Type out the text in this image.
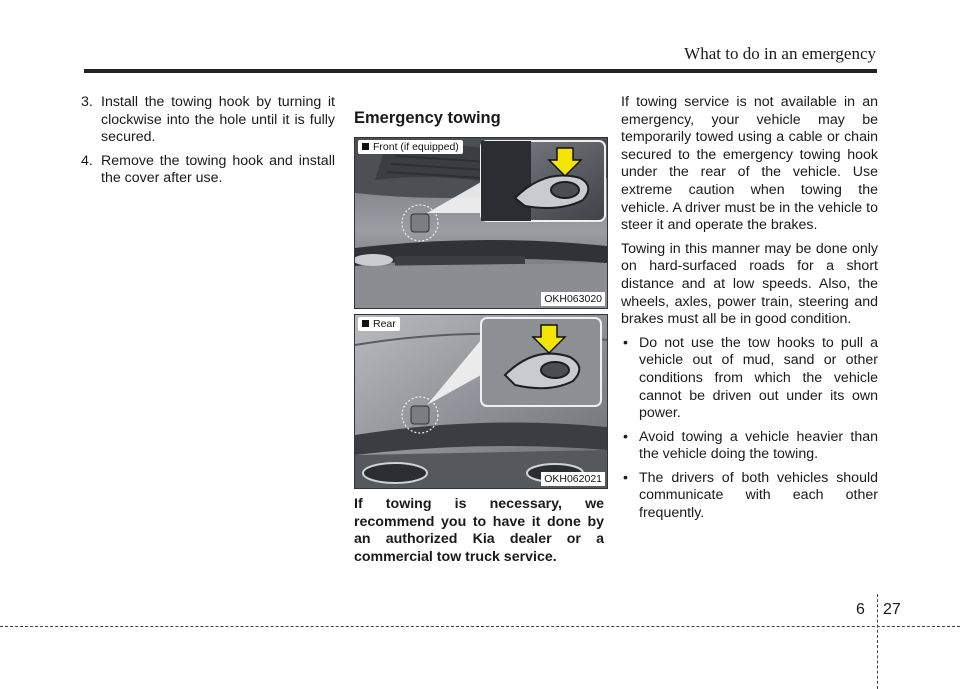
What to do in an emergency
3. Install the towing hook by turning it clockwise into the hole until it is fully secured.
4. Remove the towing hook and install the cover after use.
Emergency towing
Front (if equipped)
OKH063020
Rear
OKH062021
If towing is necessary, we recommend you to have it done by an authorized Kia dealer or a commercial tow truck service.

If towing service is not available in an emergency, your vehicle may be temporarily towed using a cable or chain secured to the emergency towing hook under the rear of the vehicle. Use extreme caution when towing the vehicle. A driver must be in the vehicle to steer it and operate the brakes.

Towing in this manner may be done only on hard-surfaced roads for a short distance and at low speeds. Also, the wheels, axles, power train, steering and brakes must all be in good condition.

• Do not use the tow hooks to pull a vehicle out of mud, sand or other conditions from which the vehicle cannot be driven out under its own power.
• Avoid towing a vehicle heavier than the vehicle doing the towing.
• The drivers of both vehicles should communicate with each other frequently.
6 27
